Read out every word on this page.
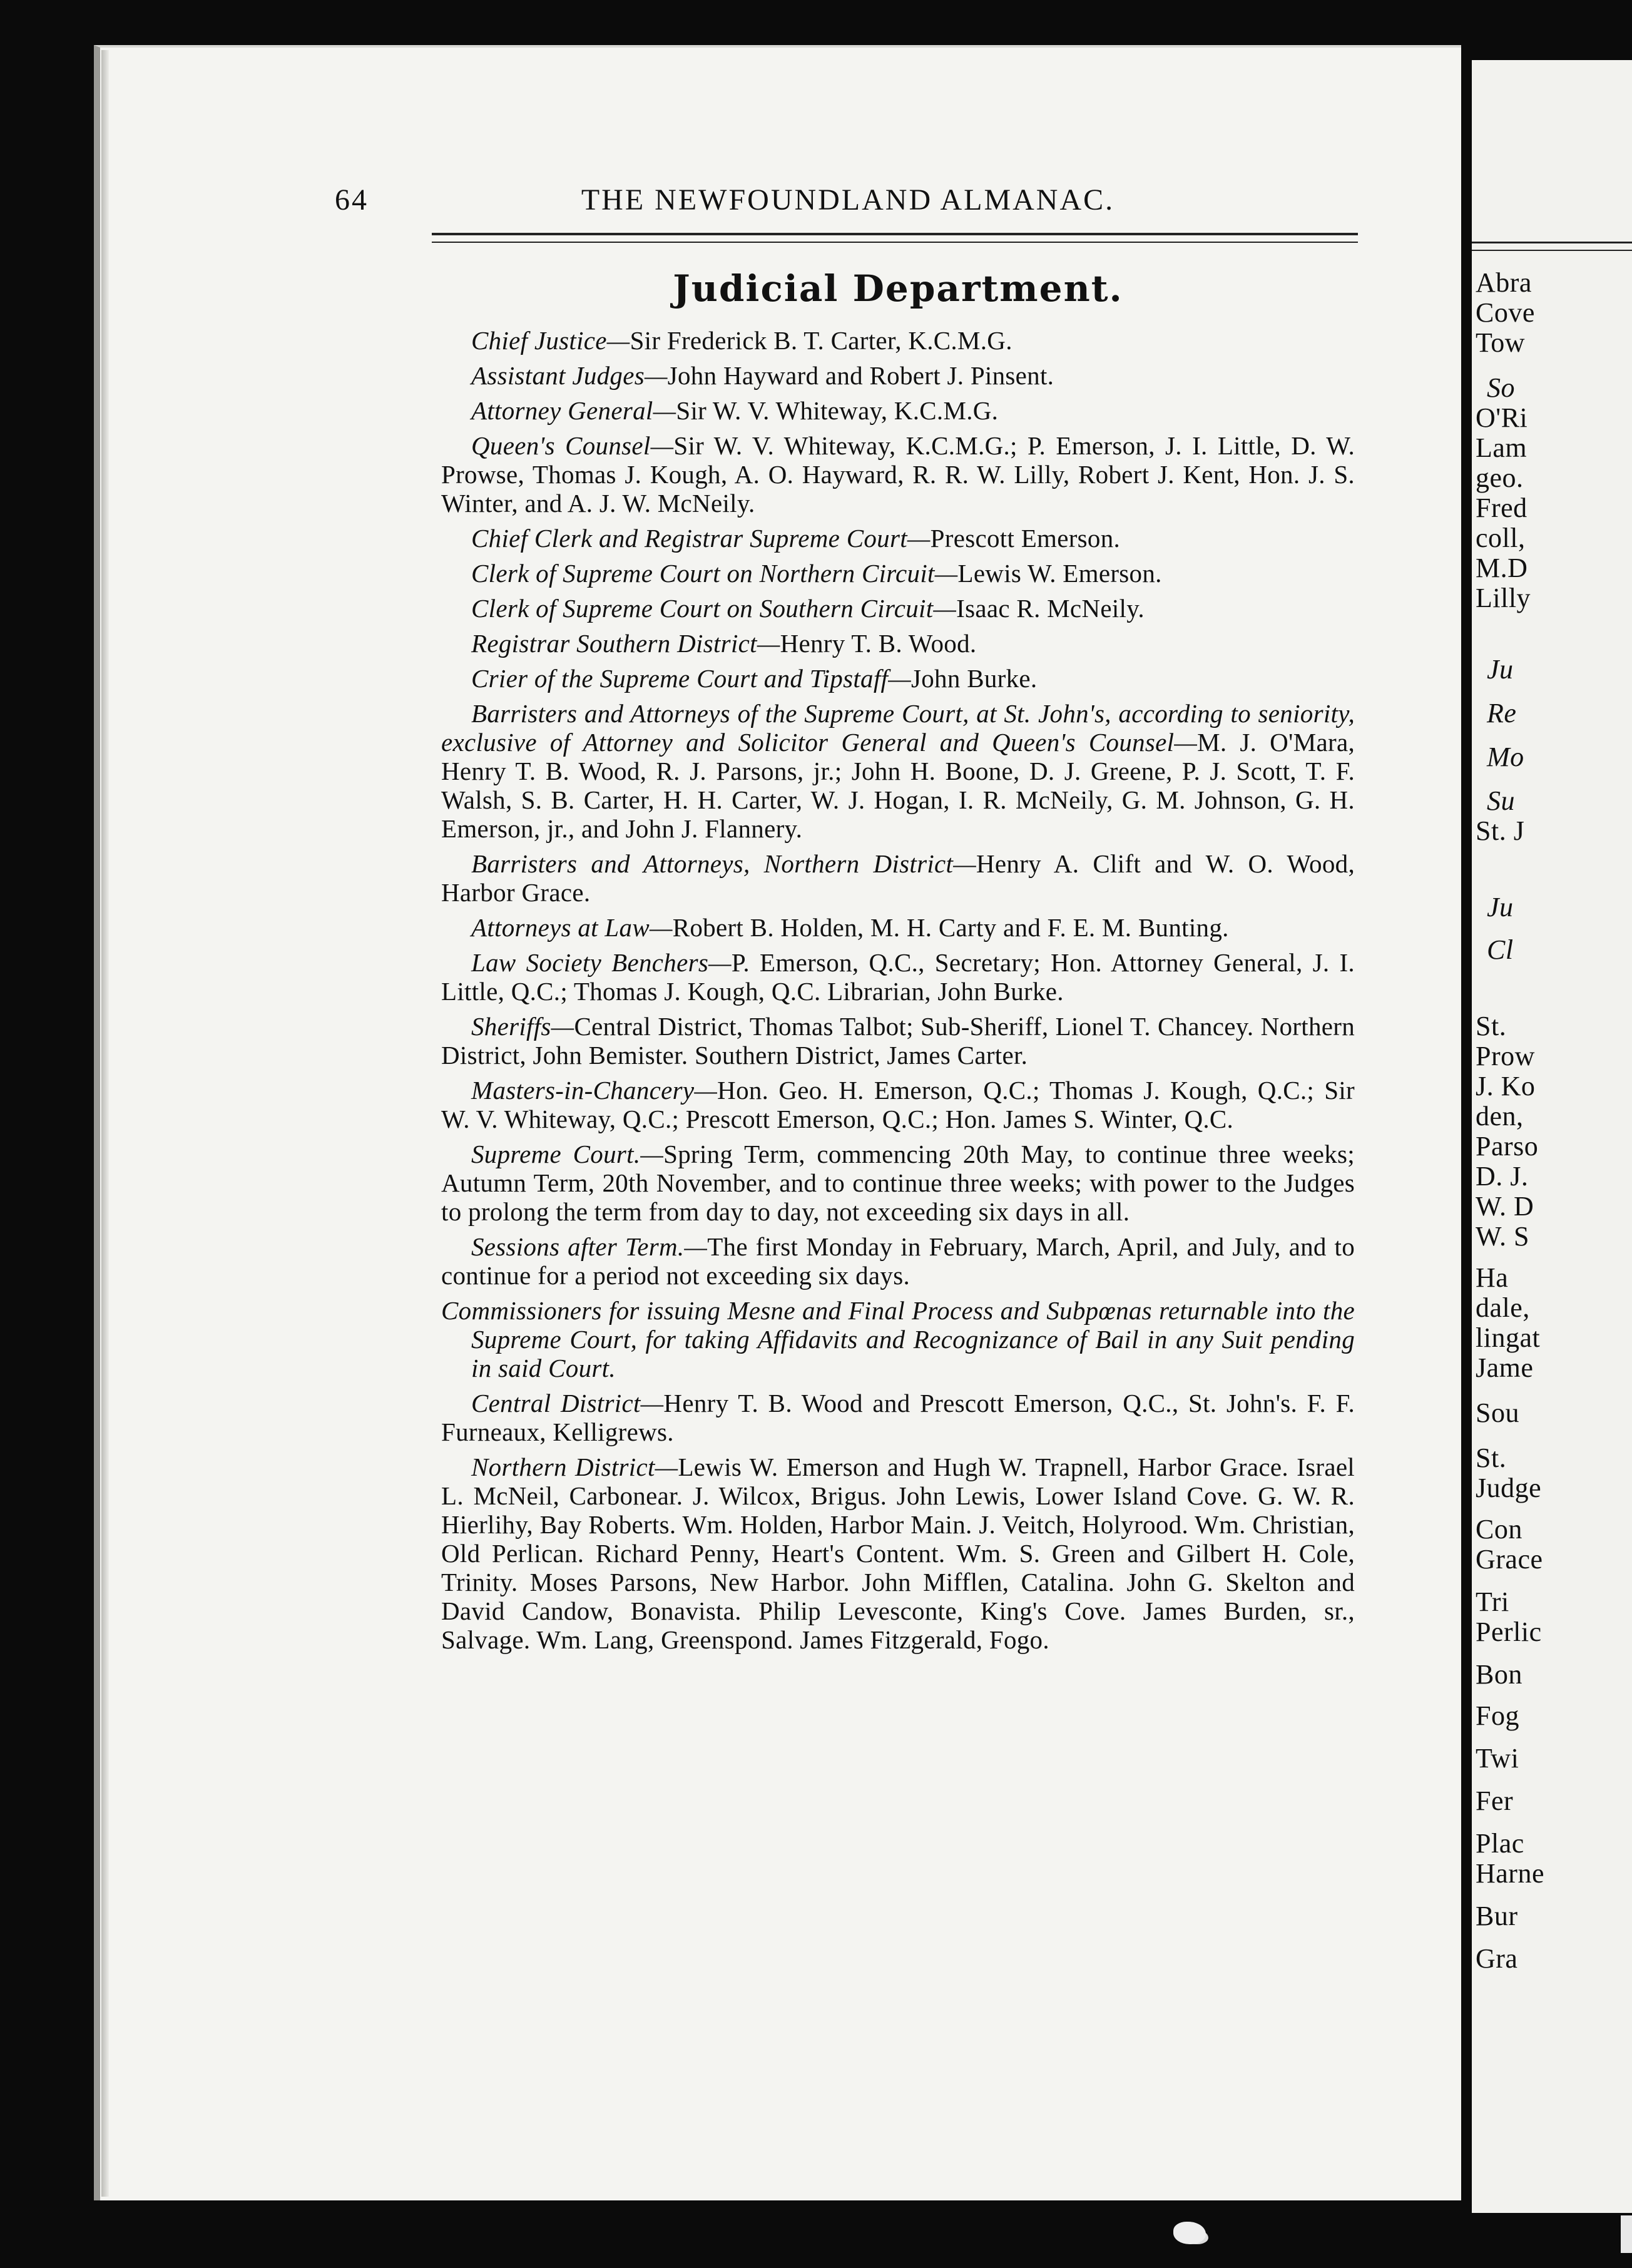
64	THE NEWFOUNDLAND ALMANAC.
Judicial Department.

Chief Justice—Sir Frederick B. T. Carter, K.C.M.G.

Assistant Judges—John Hayward and Robert J. Pinsent.

Attorney General—Sir W. V. Whiteway, K.C.M.G.

Queen's Counsel—Sir W. V. Whiteway, K.C.M.G.; P. Emerson, J. I. Little, D. W. Prowse, Thomas J. Kough, A. O. Hayward, R. R. W. Lilly, Robert J. Kent, Hon. J. S. Winter, and A. J. W. McNeily.

Chief Clerk and Registrar Supreme Court—Prescott Emerson.

Clerk of Supreme Court on Northern Circuit—Lewis W. Emerson.

Clerk of Supreme Court on Southern Circuit—Isaac R. McNeily.

Registrar Southern District—Henry T. B. Wood.

Crier of the Supreme Court and Tipstaff—John Burke.

Barristers and Attorneys of the Supreme Court, at St. John's, according to seniority, exclusive of Attorney and Solicitor General and Queen's Counsel—M. J. O'Mara, Henry T. B. Wood, R. J. Parsons, jr.; John H. Boone, D. J. Greene, P. J. Scott, T. F. Walsh, S. B. Carter, H. H. Carter, W. J. Hogan, I. R. McNeily, G. M. Johnson, G. H. Emerson, jr., and John J. Flannery.

Barristers and Attorneys, Northern District—Henry A. Clift and W. O. Wood, Harbor Grace.

Attorneys at Law—Robert B. Holden, M. H. Carty and F. E. M. Bunting.

Law Society Benchers—P. Emerson, Q.C., Secretary; Hon. Attorney General, J. I. Little, Q.C.; Thomas J. Kough, Q.C. Librarian, John Burke.

Sheriffs—Central District, Thomas Talbot; Sub-Sheriff, Lionel T. Chancey. Northern District, John Bemister. Southern District, James Carter.

Masters-in-Chancery—Hon. Geo. H. Emerson, Q.C.; Thomas J. Kough, Q.C.; Sir W. V. Whiteway, Q.C.; Prescott Emerson, Q.C.; Hon. James S. Winter, Q.C.

Supreme Court.—Spring Term, commencing 20th May, to continue three weeks; Autumn Term, 20th November, and to continue three weeks; with power to the Judges to prolong the term from day to day, not exceeding six days in all.

Sessions after Term.—The first Monday in February, March, April, and July, and to continue for a period not exceeding six days.

Commissioners for issuing Mesne and Final Process and Subpœnas returnable into the Supreme Court, for taking Affidavits and Recognizance of Bail in any Suit pending in said Court.

Central District—Henry T. B. Wood and Prescott Emerson, Q.C., St. John's. F. F. Furneaux, Kelligrews.

Northern District—Lewis W. Emerson and Hugh W. Trapnell, Harbor Grace. Israel L. McNeil, Carbonear. J. Wilcox, Brigus. John Lewis, Lower Island Cove. G. W. R. Hierlihy, Bay Roberts. Wm. Holden, Harbor Main. J. Veitch, Holyrood. Wm. Christian, Old Perlican. Richard Penny, Heart's Content. Wm. S. Green and Gilbert H. Cole, Trinity. Moses Parsons, New Harbor. John Mifflen, Catalina. John G. Skelton and David Candow, Bonavista. Philip Levesconte, King's Cove. James Burden, sr., Salvage. Wm. Lang, Greenspond. James Fitzgerald, Fogo.

Abra
Cove
Tow
So
O'Ri
Lam
geo.
Fred
coll,
M.D
Lilly
Ju
Re
Mo
Su
St. J
Ju
Cl
St.
Prow
J. Ko
den,
Parso
D. J.
W. D
W. S
Ha
dale,
lingat
Jame
Sou
St.
Judge
Con
Grace
Tri
Perlic
Bon
Fog
Twi
Fer
Plac
Harne
Bur
Gra
